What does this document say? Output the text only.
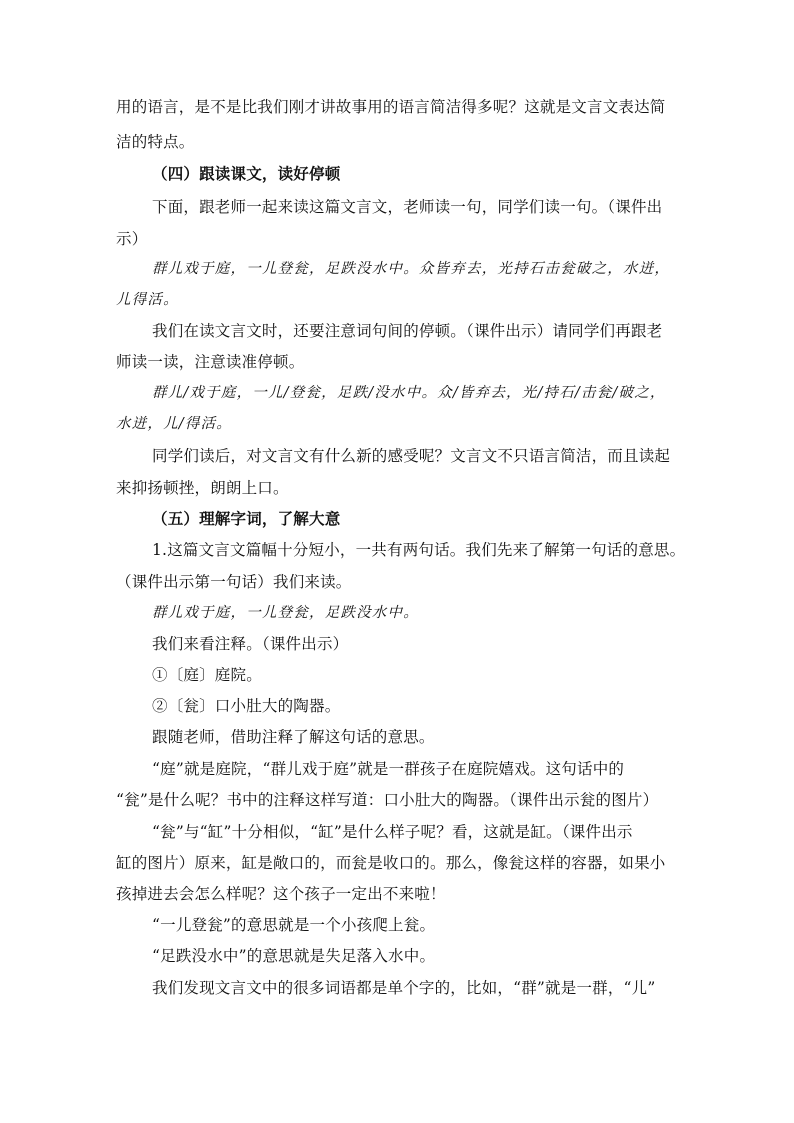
用的语言，是不是比我们刚才讲故事用的语言简洁得多呢？这就是文言文表达简
洁的特点。
（四）跟读课文，读好停顿
下面，跟老师一起来读这篇文言文，老师读一句，同学们读一句。（课件出
示）
群儿戏于庭，一儿登瓮，足跌没水中。众皆弃去，光持石击瓮破之，水迸，
儿得活。
我们在读文言文时，还要注意词句间的停顿。（课件出示）请同学们再跟老
师读一读，注意读准停顿。
群儿/戏于庭，一儿/登瓮，足跌/没水中。众/皆弃去，光/持石/击瓮/破之，
水迸，儿/得活。
同学们读后，对文言文有什么新的感受呢？文言文不只语言简洁，而且读起
来抑扬顿挫，朗朗上口。
（五）理解字词，了解大意
1.这篇文言文篇幅十分短小，一共有两句话。我们先来了解第一句话的意思。
（课件出示第一句话）我们来读。
群儿戏于庭，一儿登瓮，足跌没水中。
我们来看注释。（课件出示）
①〔庭〕庭院。
②〔瓮〕口小肚大的陶器。
跟随老师，借助注释了解这句话的意思。
“庭”就是庭院，“群儿戏于庭”就是一群孩子在庭院嬉戏。这句话中的
“瓮”是什么呢？书中的注释这样写道：口小肚大的陶器。（课件出示瓮的图片）
“瓮”与“缸”十分相似，“缸”是什么样子呢？看，这就是缸。（课件出示
缸的图片）原来，缸是敞口的，而瓮是收口的。那么，像瓮这样的容器，如果小
孩掉进去会怎么样呢？这个孩子一定出不来啦！
“一儿登瓮”的意思就是一个小孩爬上瓮。
“足跌没水中”的意思就是失足落入水中。
我们发现文言文中的很多词语都是单个字的，比如，“群”就是一群，“儿”
